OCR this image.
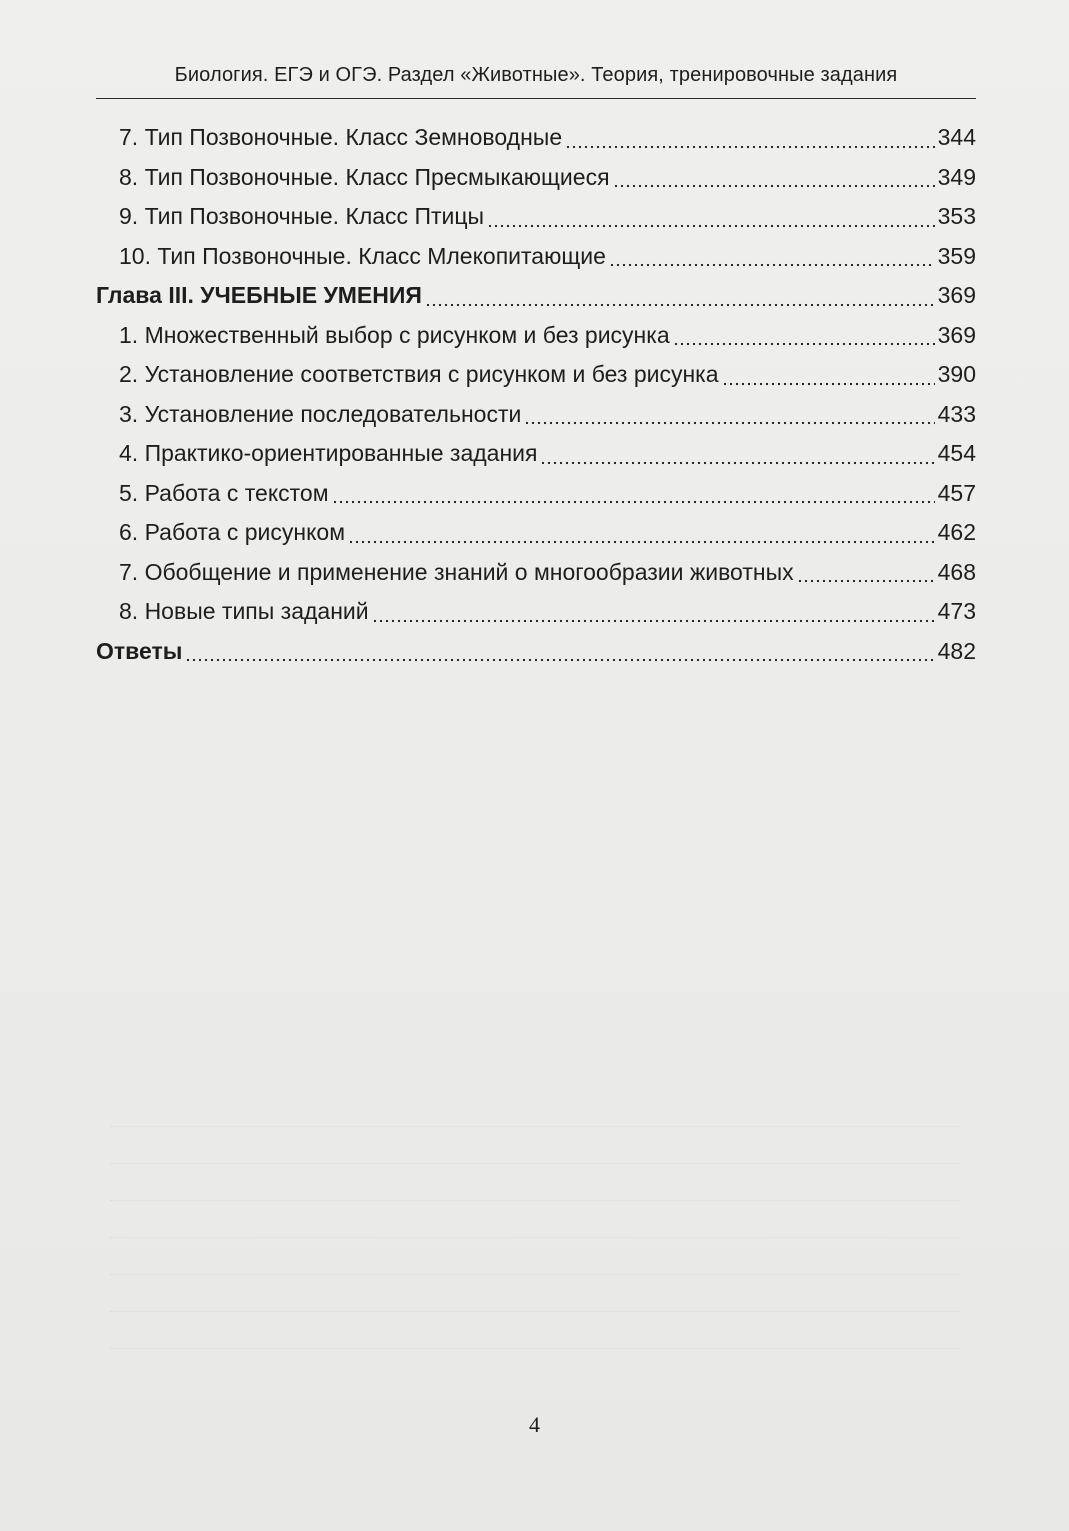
Биология. ЕГЭ и ОГЭ. Раздел «Животные». Теория, тренировочные задания
7. Тип Позвоночные. Класс Земноводные	344
8. Тип Позвоночные. Класс Пресмыкающиеся	349
9. Тип Позвоночные. Класс Птицы	353
10. Тип Позвоночные. Класс Млекопитающие	359
Глава III. УЧЕБНЫЕ УМЕНИЯ	369
1. Множественный выбор с рисунком и без рисунка	369
2. Установление соответствия с рисунком и без рисунка	390
3. Установление последовательности	433
4. Практико-ориентированные задания	454
5. Работа с текстом	457
6. Работа с рисунком	462
7. Обобщение и применение знаний о многообразии животных	468
8. Новые типы заданий	473
Ответы	482
4
